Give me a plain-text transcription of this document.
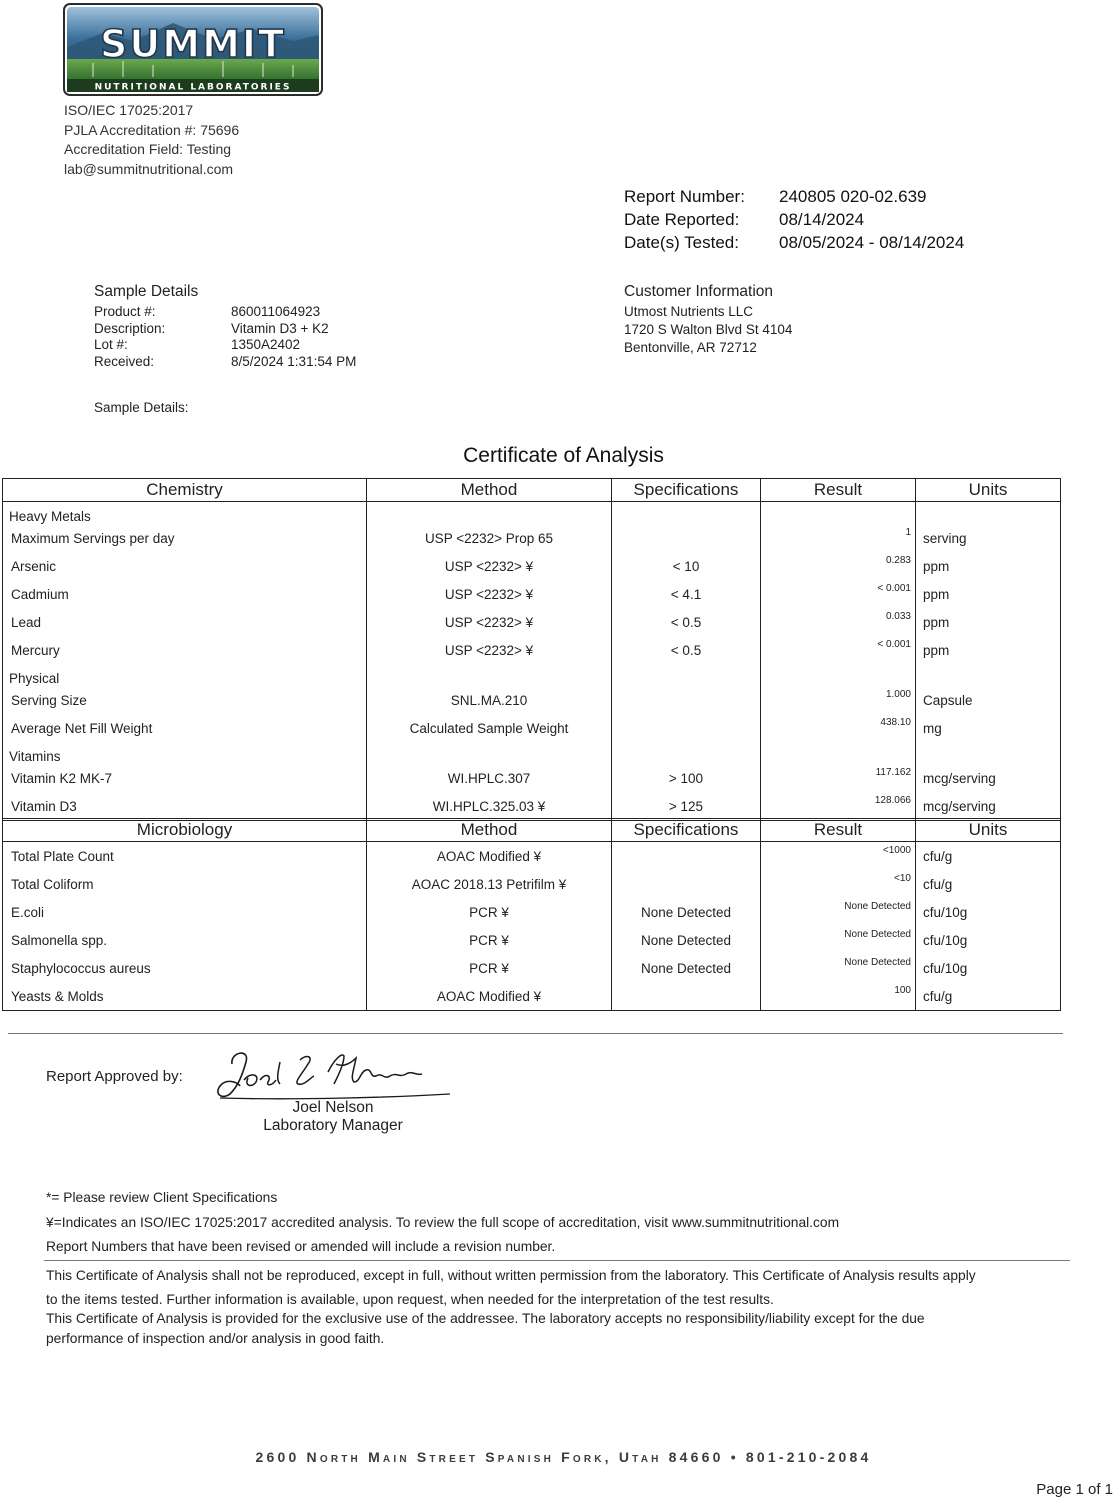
SUMMIT
NUTRITIONAL LABORATORIES
ISO/IEC 17025:2017
PJLA Accreditation #: 75696
Accreditation Field: Testing
lab@summitnutritional.com
Report Number:	240805 020-02.639
Date Reported:	08/14/2024
Date(s) Tested:	08/05/2024 - 08/14/2024
Sample Details
Product #:	860011064923
Description:	Vitamin D3 + K2
Lot #:	1350A2402
Received:	8/5/2024 1:31:54 PM
Customer Information
Utmost Nutrients LLC
1720 S Walton Blvd St 4104
Bentonville, AR 72712
Sample Details:
Certificate of Analysis
Chemistry	Method	Specifications	Result	Units
Heavy Metals				
Maximum Servings per day	USP <2232> Prop 65		1	serving
Arsenic	USP <2232> ¥	< 10	0.283	ppm
Cadmium	USP <2232> ¥	< 4.1	< 0.001	ppm
Lead	USP <2232> ¥	< 0.5	0.033	ppm
Mercury	USP <2232> ¥	< 0.5	< 0.001	ppm
Physical				
Serving Size	SNL.MA.210		1.000	Capsule
Average Net Fill Weight	Calculated Sample Weight		438.10	mg
Vitamins				
Vitamin K2 MK-7	WI.HPLC.307	> 100	117.162	mcg/serving
Vitamin D3	WI.HPLC.325.03 ¥	> 125	128.066	mcg/serving
Microbiology	Method	Specifications	Result	Units
Total Plate Count	AOAC Modified ¥		<1000	cfu/g
Total Coliform	AOAC 2018.13 Petrifilm ¥		<10	cfu/g
E.coli	PCR ¥	None Detected	None Detected	cfu/10g
Salmonella spp.	PCR ¥	None Detected	None Detected	cfu/10g
Staphylococcus aureus	PCR ¥	None Detected	None Detected	cfu/10g
Yeasts & Molds	AOAC Modified ¥		100	cfu/g
Report Approved by:
Joel Nelson
Laboratory Manager
*= Please review Client Specifications
¥=Indicates an ISO/IEC 17025:2017 accredited analysis. To review the full scope of accreditation, visit www.summitnutritional.com
Report Numbers that have been revised or amended will include a revision number.
This Certificate of Analysis shall not be reproduced, except in full, without written permission from the laboratory. This Certificate of Analysis results apply
to the items tested. Further information is available, upon request, when needed for the interpretation of the test results.
This Certificate of Analysis is provided for the exclusive use of the addressee. The laboratory accepts no responsibility/liability except for the due
performance of inspection and/or analysis in good faith.
2600 North Main Street Spanish Fork, Utah 84660 • 801-210-2084
Page 1 of 1
